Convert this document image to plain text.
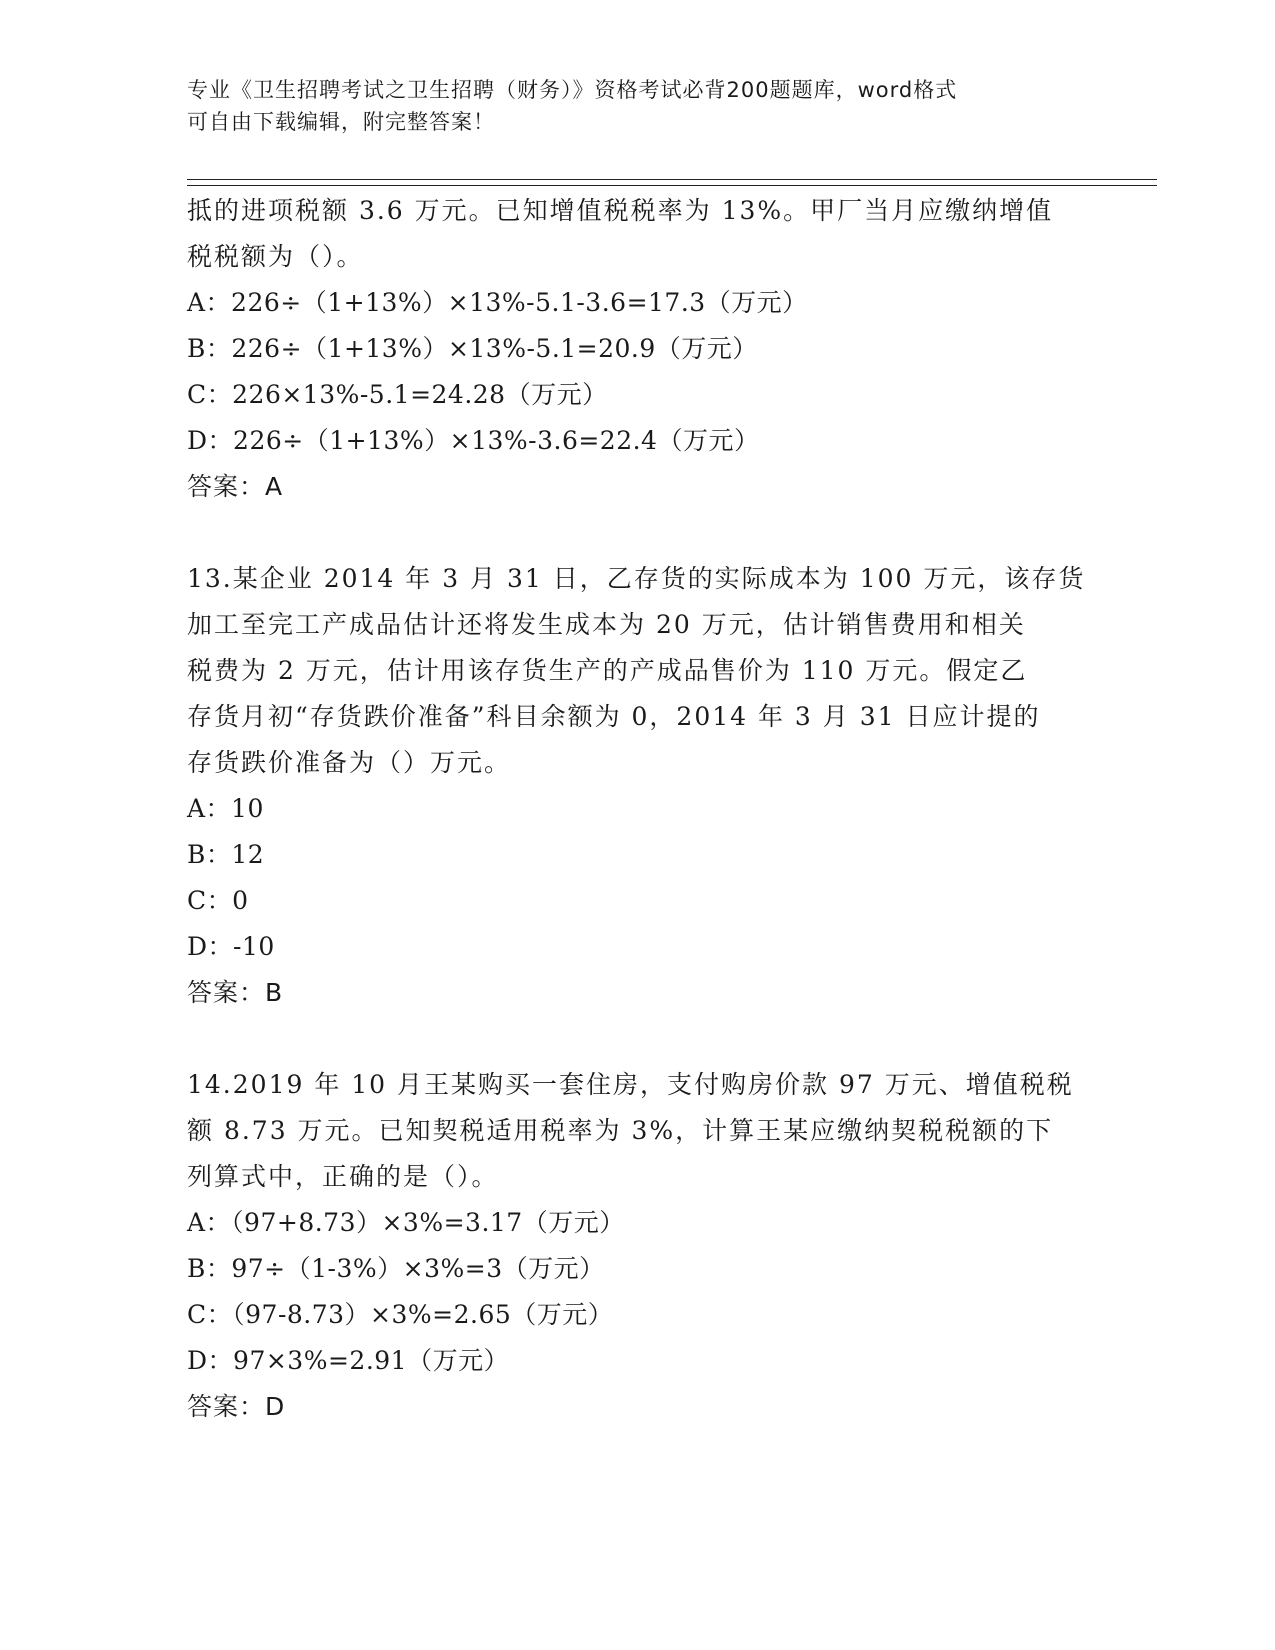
专业《卫生招聘考试之卫生招聘（财务）》资格考试必背200题题库，word格式
可自由下载编辑，附完整答案！
抵的进项税额 3.6 万元。已知增值税税率为 13%。甲厂当月应缴纳增值
税税额为（）。
A：226÷（1+13%）×13%-5.1-3.6=17.3（万元）
B：226÷（1+13%）×13%-5.1=20.9（万元）
C：226×13%-5.1=24.28（万元）
D：226÷（1+13%）×13%-3.6=22.4（万元）
答案：A
13.某企业 2014 年 3 月 31 日，乙存货的实际成本为 100 万元，该存货
加工至完工产成品估计还将发生成本为 20 万元，估计销售费用和相关
税费为 2 万元，估计用该存货生产的产成品售价为 110 万元。假定乙
存货月初“存货跌价准备”科目余额为 0，2014 年 3 月 31 日应计提的
存货跌价准备为（）万元。
A：10
B：12
C：0
D：-10
答案：B
14.2019 年 10 月王某购买一套住房，支付购房价款 97 万元、增值税税
额 8.73 万元。已知契税适用税率为 3%，计算王某应缴纳契税税额的下
列算式中，正确的是（）。
A：（97+8.73）×3%=3.17（万元）
B：97÷（1-3%）×3%=3（万元）
C：（97-8.73）×3%=2.65（万元）
D：97×3%=2.91（万元）
答案：D
